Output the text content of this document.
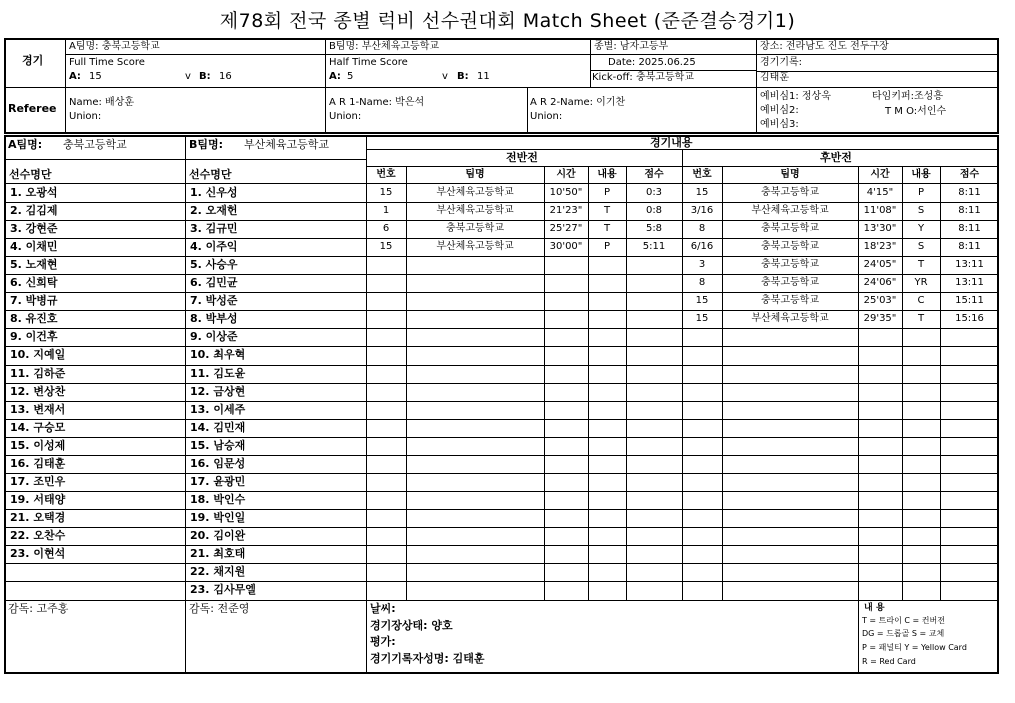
제78회 전국 종별 럭비 선수권대회 Match Sheet (준준결승경기1)
경기
A팀명: 충북고등학교
Full Time Score
A: 15	v B: 16
B팀명: 부산체육고등학교
Half Time Score
A: 5	v B: 11
종별: 남자고등부
Date: 2025.06.25
Kick-off: 충북고등학교
장소: 전라남도 진도 전두구장
경기기록:
김태훈
Referee Name: 배상훈
Union:
A R 1-Name: 박은석
Union:
A R 2-Name: 이기찬
Union:
예비심1: 정상욱
예비심2:
예비심3:
타임키퍼:조성흥
T M O:서인수
A팀명: 충북고등학교	B팀명: 부산체육고등학교
선수명단	선수명단
경기내용
전반전	후반전
번호	번호
팀명	팀명
시간	시간
내용	내용
점수	점수
15	부산체육고등학교	10'50"	P	0:3
1	부산체육고등학교	21'23"	T	0:8
6	충북고등학교	25'27"	T	5:8
15	부산체육고등학교	30'00"	P	5:11
15	충북고등학교	4'15"	P	8:11
3/16	부산체육고등학교	11'08"	S	8:11
8	충북고등학교	13'30"	Y	8:11
6/16	충북고등학교	18'23"	S	8:11
3	충북고등학교	24'05"	T	13:11
8	충북고등학교	24'06"	YR	13:11
15	충북고등학교	25'03"	C	15:11
15	부산체육고등학교	29'35"	T	15:16
1. 오광석
2. 김김제
3. 강현준
4. 이채민
5. 노재현
6. 신희탁
7. 박병규
8. 유진호
9. 이건후
10. 지예일
11. 김하준
12. 변상찬
13. 변재서
14. 구승모
15. 이성제
16. 김태훈
17. 조민우
19. 서태양
21. 오택경
22. 오찬수
23. 이현석
1. 신우성
2. 오재헌
3. 김규민
4. 이주익
5. 사승우
6. 김민균
7. 박성준
8. 박부성
9. 이상준
10. 최우혁
11. 김도윤
12. 금상현
13. 이세주
14. 김민재
15. 남승재
16. 임문성
17. 윤광민
18. 박인수
19. 박인일
20. 김이완
21. 최호태
22. 채지원
23. 김사무엘
감독: 고주홍	감독: 전준영	날씨:
경기장상태: 양호
평가:
경기기록자성명: 김태훈
내 용
T = 트라이 C = 컨버젼
DG = 드롭골 S = 교체
P = 패널티 Y = Yellow Card
R = Red Card
